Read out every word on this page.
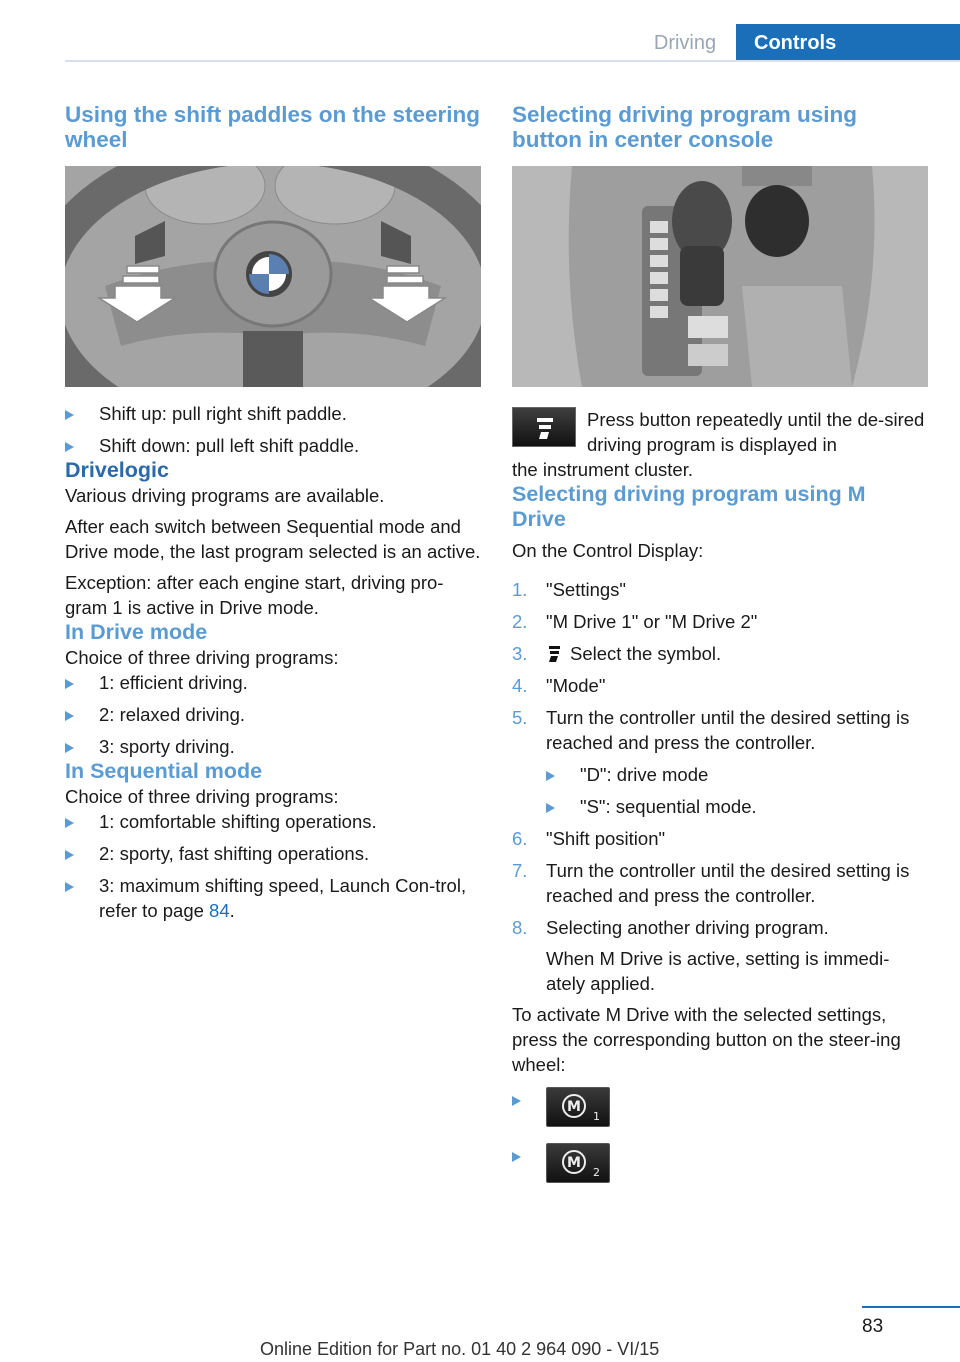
Driving	Controls
Using the shift paddles on the steering wheel
Shift up: pull right shift paddle.
Shift down: pull left shift paddle.
Drivelogic

Various driving programs are available.

After each switch between Sequential mode and Drive mode, the last program selected is an active.

Exception: after each engine start, driving pro‐gram 1 is active in Drive mode.

In Drive mode

Choice of three driving programs:

1: efficient driving.
2: relaxed driving.
3: sporty driving.
In Sequential mode

Choice of three driving programs:

1: comfortable shifting operations.
2: sporty, fast shifting operations.
3: maximum shifting speed, Launch Con‐trol, refer to page 84.
Selecting driving program using button in center console

Press button repeatedly until the de‐sired driving program is displayed in

the instrument cluster.

Selecting driving program using M Drive

On the Control Display:

1. "Settings"
2. "M Drive 1" or "M Drive 2"
3. Select the symbol.
4. "Mode"
5. Turn the controller until the desired setting is reached and press the controller.
"D": drive mode
"S": sequential mode.
6. "Shift position"
7. Turn the controller until the desired setting is reached and press the controller.
8. Selecting another driving program.

When M Drive is active, setting is immedi‐ately applied.

To activate M Drive with the selected settings, press the corresponding button on the steer‐ing wheel:

M
1
M
2
83
Online Edition for Part no. 01 40 2 964 090 - VI/15
